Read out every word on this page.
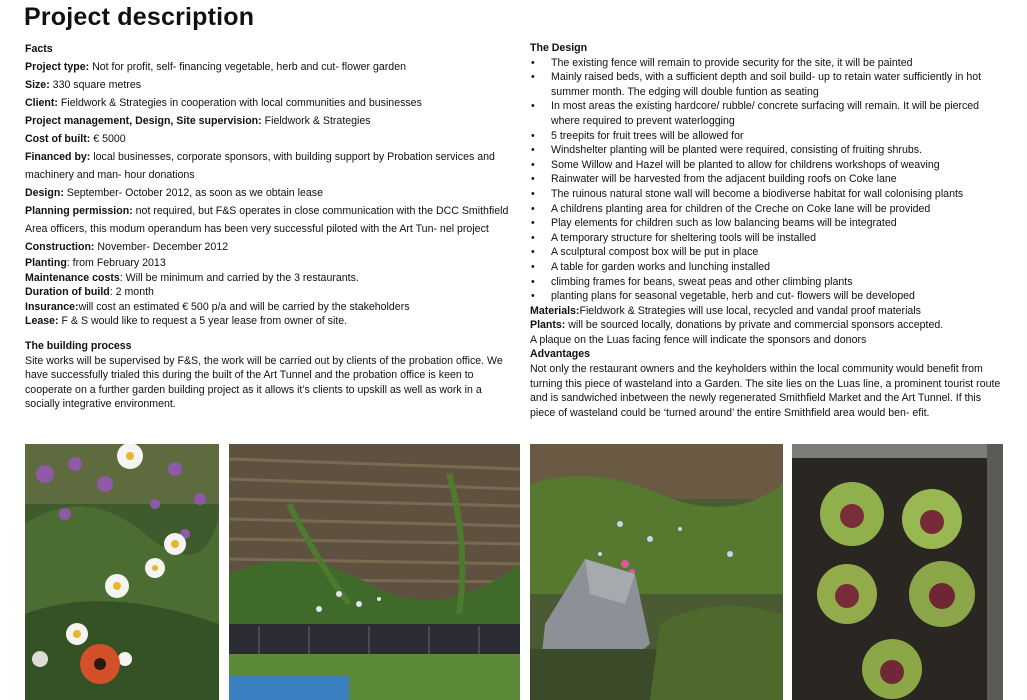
Project description
Facts
Project type: Not for profit, self- financing vegetable, herb and cut- flower garden
Size: 330 square metres
Client: Fieldwork & Strategies in cooperation with local communities and businesses
Project management, Design, Site supervision: Fieldwork & Strategies
Cost of built: € 5000
Financed by: local businesses, corporate sponsors, with building support by Probation services and machinery and man- hour donations
Design: September- October 2012, as soon as we obtain lease
Planning permission: not required, but F&S operates in close communication with the DCC Smithfield Area officers, this modum operandum has been very successful piloted with the Art Tun- nel project
Construction: November- December 2012
Planting: from February 2013
Maintenance costs: Will be minimum and carried by the 3 restaurants.
Duration of build: 2 month
Insurance:will cost an estimated € 500 p/a and will be carried by the stakeholders
Lease: F & S would like to request a 5 year lease from owner of site.
The building process
Site works will be supervised by F&S, the work will be carried out by clients of the probation office. We have successfully trialed this during the built of the Art Tunnel and the probation office is keen to cooperate on a further garden building project as it allows it’s clients to upskill as well as work in a socially integrative environment.
The Design
• The existing fence will remain to provide security for the site, it will be painted
• Mainly raised beds, with a sufficient depth and soil build- up to retain water sufficiently in hot summer month. The edging will double funtion as seating
• In most areas the existing hardcore/ rubble/ concrete surfacing will remain. It will be pierced where required to prevent waterlogging
• 5 treepits for fruit trees will be allowed for
• Windshelter planting will be planted were required, consisting of fruiting shrubs.
• Some Willow and Hazel will be planted to allow for childrens workshops of weaving
• Rainwater will be harvested from the adjacent building roofs on Coke lane
• The ruinous natural stone wall will become a biodiverse habitat for wall colonising plants
• A childrens planting area for children of the Creche on Coke lane will be provided
• Play elements for children such as low balancing beams will be integrated
• A temporary structure for sheltering tools will be installed
• A sculptural compost box will be put in place
• A table for garden works and lunching installed
• climbing frames for beans, sweat peas and other climbing plants
• planting plans for seasonal vegetable, herb and cut- flowers will be developed
Materials:Fieldwork & Strategies will use local, recycled and vandal proof materials
Plants: will be sourced locally, donations by private and commercial sponsors accepted.
A plaque on the Luas facing fence will indicate the sponsors and donors
Advantages
Not only the restaurant owners and the keyholders within the local community would benefit from turning this piece of wasteland into a Garden. The site lies on the Luas line, a prominent tourist route and is sandwiched inbetween the newly regenerated Smithfield Market and the Art Tunnel. If this piece of wasteland could be ‘turned around’ the entire Smithfield area would ben- efit.
